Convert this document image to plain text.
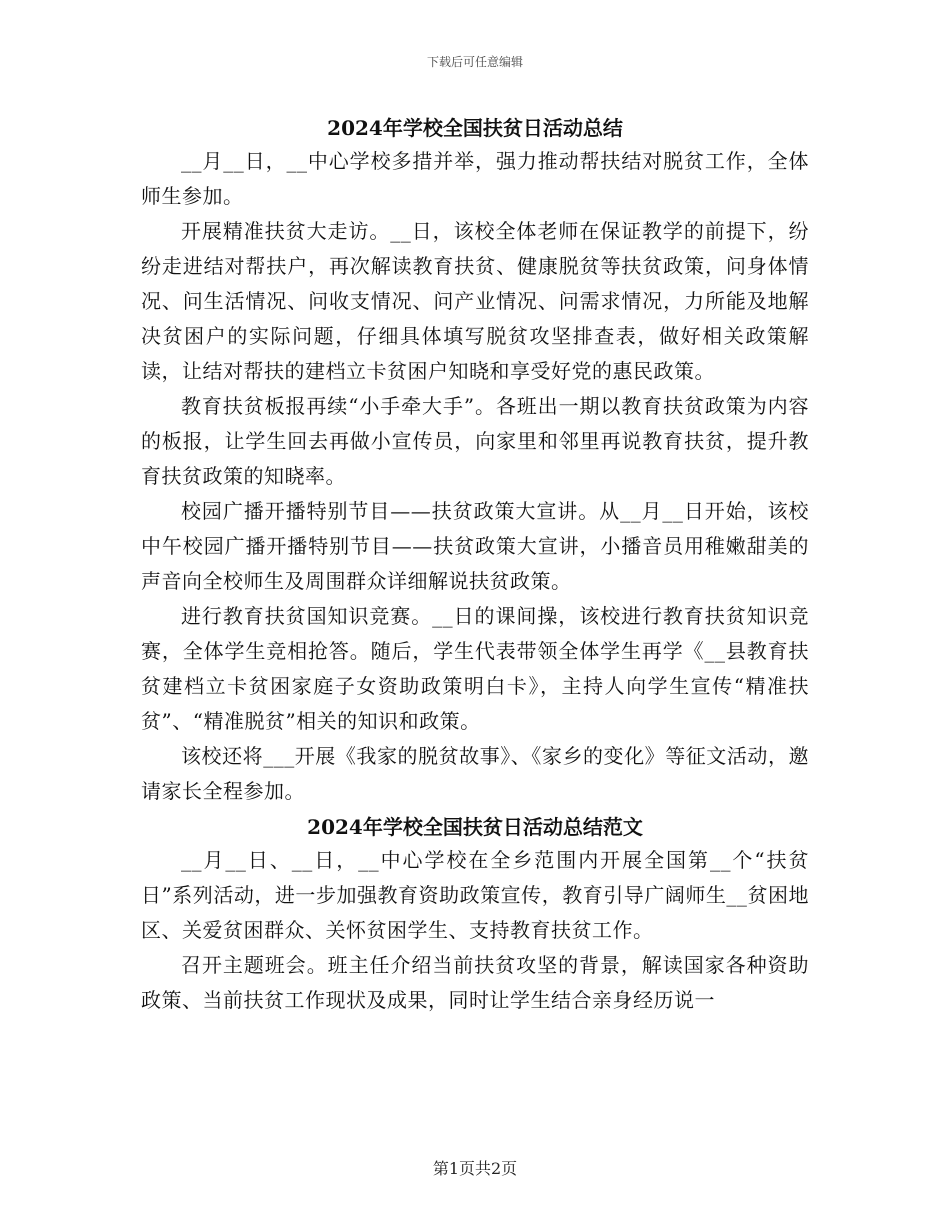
下载后可任意编辑
2024年学校全国扶贫日活动总结

__月__日，__中心学校多措并举，强力推动帮扶结对脱贫工作，全体师生参加。

开展精准扶贫大走访。__日，该校全体老师在保证教学的前提下，纷纷走进结对帮扶户，再次解读教育扶贫、健康脱贫等扶贫政策，问身体情况、问生活情况、问收支情况、问产业情况、问需求情况，力所能及地解决贫困户的实际问题，仔细具体填写脱贫攻坚排查表，做好相关政策解读，让结对帮扶的建档立卡贫困户知晓和享受好党的惠民政策。

教育扶贫板报再续“小手牵大手”。各班出一期以教育扶贫政策为内容的板报，让学生回去再做小宣传员，向家里和邻里再说教育扶贫，提升教育扶贫政策的知晓率。

校园广播开播特别节目——扶贫政策大宣讲。从__月__日开始，该校中午校园广播开播特别节目——扶贫政策大宣讲，小播音员用稚嫩甜美的声音向全校师生及周围群众详细解说扶贫政策。

进行教育扶贫国知识竞赛。__日的课间操，该校进行教育扶贫知识竞赛，全体学生竞相抢答。随后，学生代表带领全体学生再学《__县教育扶贫建档立卡贫困家庭子女资助政策明白卡》，主持人向学生宣传“精准扶贫”、“精准脱贫”相关的知识和政策。

该校还将___开展《我家的脱贫故事》、《家乡的变化》等征文活动，邀请家长全程参加。

2024年学校全国扶贫日活动总结范文

__月__日、__日，__中心学校在全乡范围内开展全国第__个“扶贫日”系列活动，进一步加强教育资助政策宣传，教育引导广阔师生__贫困地区、关爱贫困群众、关怀贫困学生、支持教育扶贫工作。

召开主题班会。班主任介绍当前扶贫攻坚的背景，解读国家各种资助政策、当前扶贫工作现状及成果，同时让学生结合亲身经历说一

第1页共2页
